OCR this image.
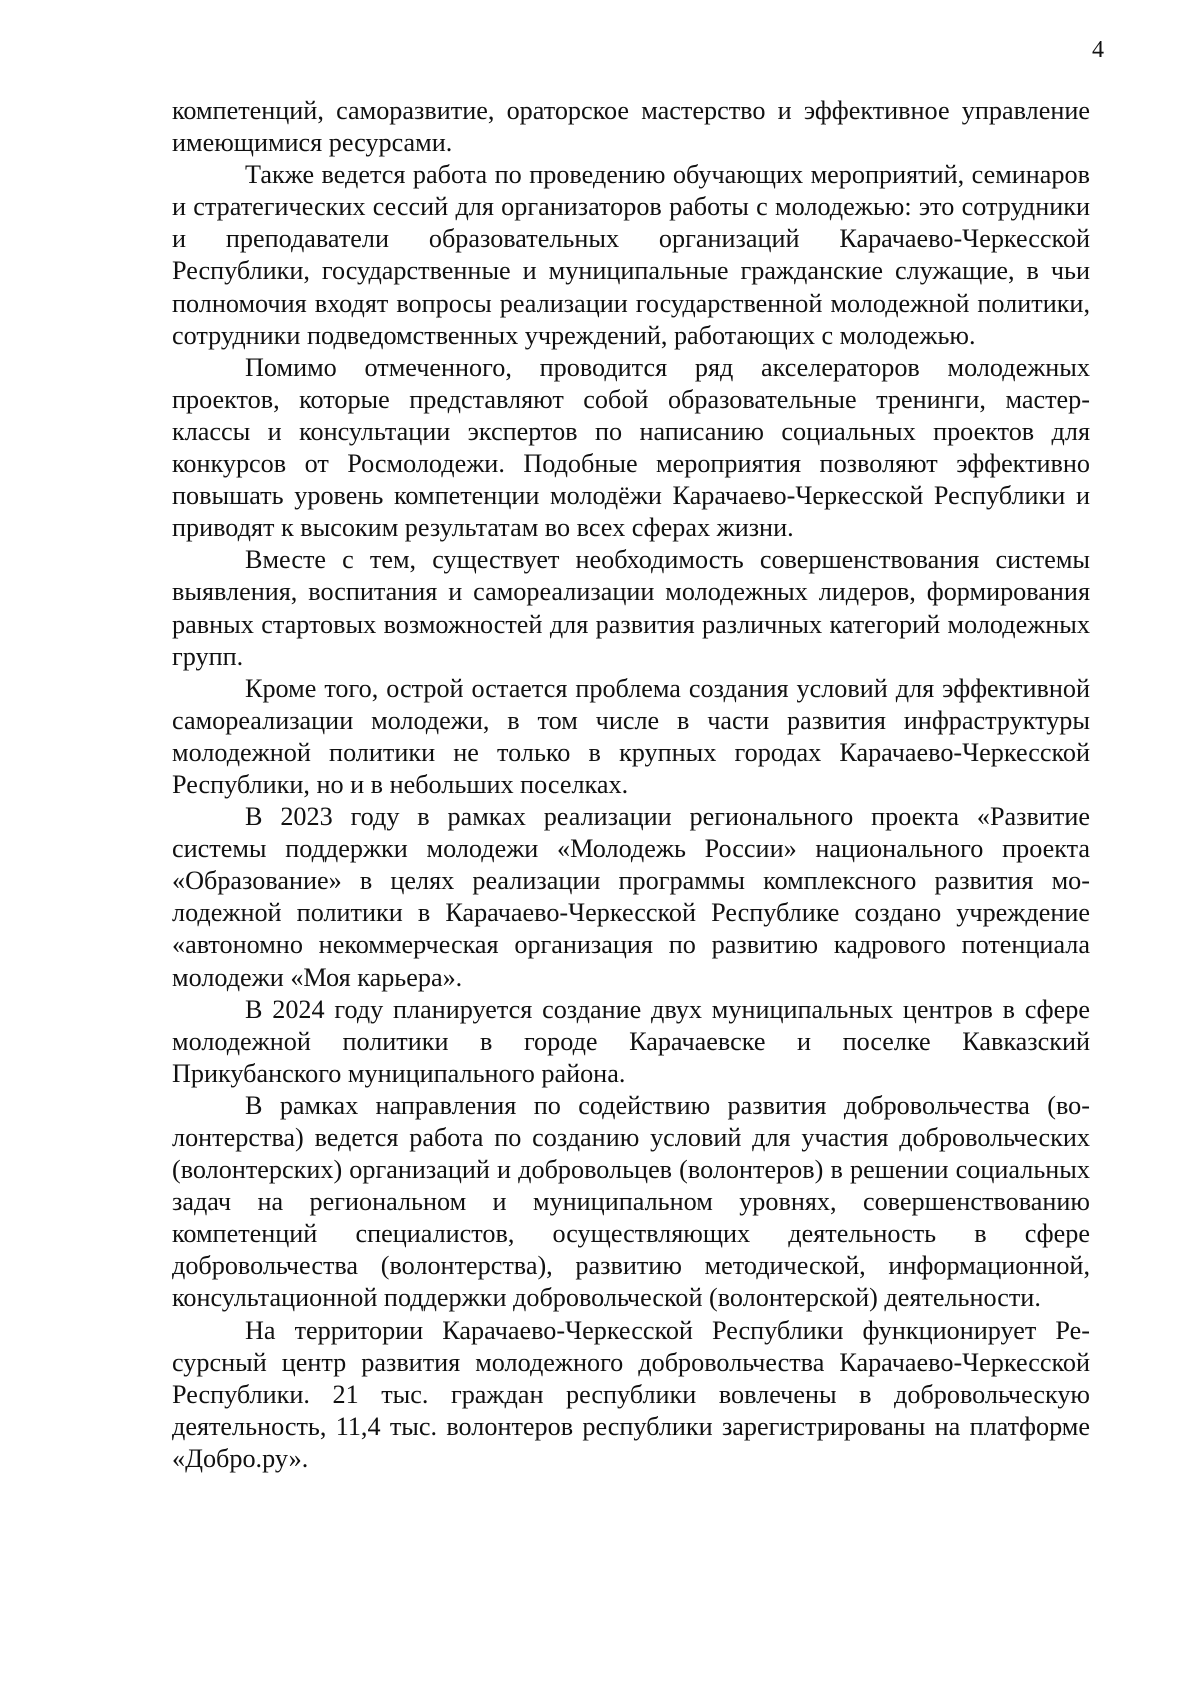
4

компетенций, саморазвитие, ораторское мастерство и эффективное управление имеющимися ресурсами.

Также ведется работа по проведению обучающих мероприятий, семинаров и стратегических сессий для организаторов работы с молодежью: это сотрудники и преподаватели образовательных организаций Карачаево-Черкесской Республики, государственные и муниципальные гражданские служащие, в чьи полномочия входят вопросы реализации государственной молодежной политики, сотрудники подведомственных учреждений, работающих с молодежью.

Помимо отмеченного, проводится ряд акселераторов молодежных проектов, которые представляют собой образовательные тренинги, мастер-классы и консультации экспертов по написанию социальных проектов для конкурсов от Росмолодежи. Подобные мероприятия позволяют эффективно повышать уровень компетенции молодёжи Карачаево-Черкесской Республики и приводят к высоким результатам во всех сферах жизни.

Вместе с тем, существует необходимость совершенствования системы выявления, воспитания и самореализации молодежных лидеров, формирования равных стартовых возможностей для развития различных категорий молодежных групп.

Кроме того, острой остается проблема создания условий для эффективной самореализации молодежи, в том числе в части развития инфраструктуры молодежной политики не только в крупных городах Карачаево-Черкесской Республики, но и в небольших поселках.

В 2023 году в рамках реализации регионального проекта «Развитие системы поддержки молодежи «Молодежь России» национального проекта «Образование» в целях реализации программы комплексного развития молодежной политики в Карачаево-Черкесской Республике создано учреждение «автономно некоммерческая организация по развитию кадрового потенциала молодежи «Моя карьера».

В 2024 году планируется создание двух муниципальных центров в сфере молодежной политики в городе Карачаевске и поселке Кавказский Прикубанского муниципального района.

В рамках направления по содействию развития добровольчества (волонтерства) ведется работа по созданию условий для участия добровольческих (волонтерских) организаций и добровольцев (волонтеров) в решении социальных задач на региональном и муниципальном уровнях, совершенствованию компетенций специалистов, осуществляющих деятельность в сфере добровольчества (волонтерства), развитию методической, информационной, консультационной поддержки добровольческой (волонтерской) деятельности.

На территории Карачаево-Черкесской Республики функционирует Ресурсный центр развития молодежного добровольчества Карачаево-Черкесской Республики. 21 тыс. граждан республики вовлечены в добровольческую деятельность, 11,4 тыс. волонтеров республики зарегистрированы на платформе «Добро.ру».
